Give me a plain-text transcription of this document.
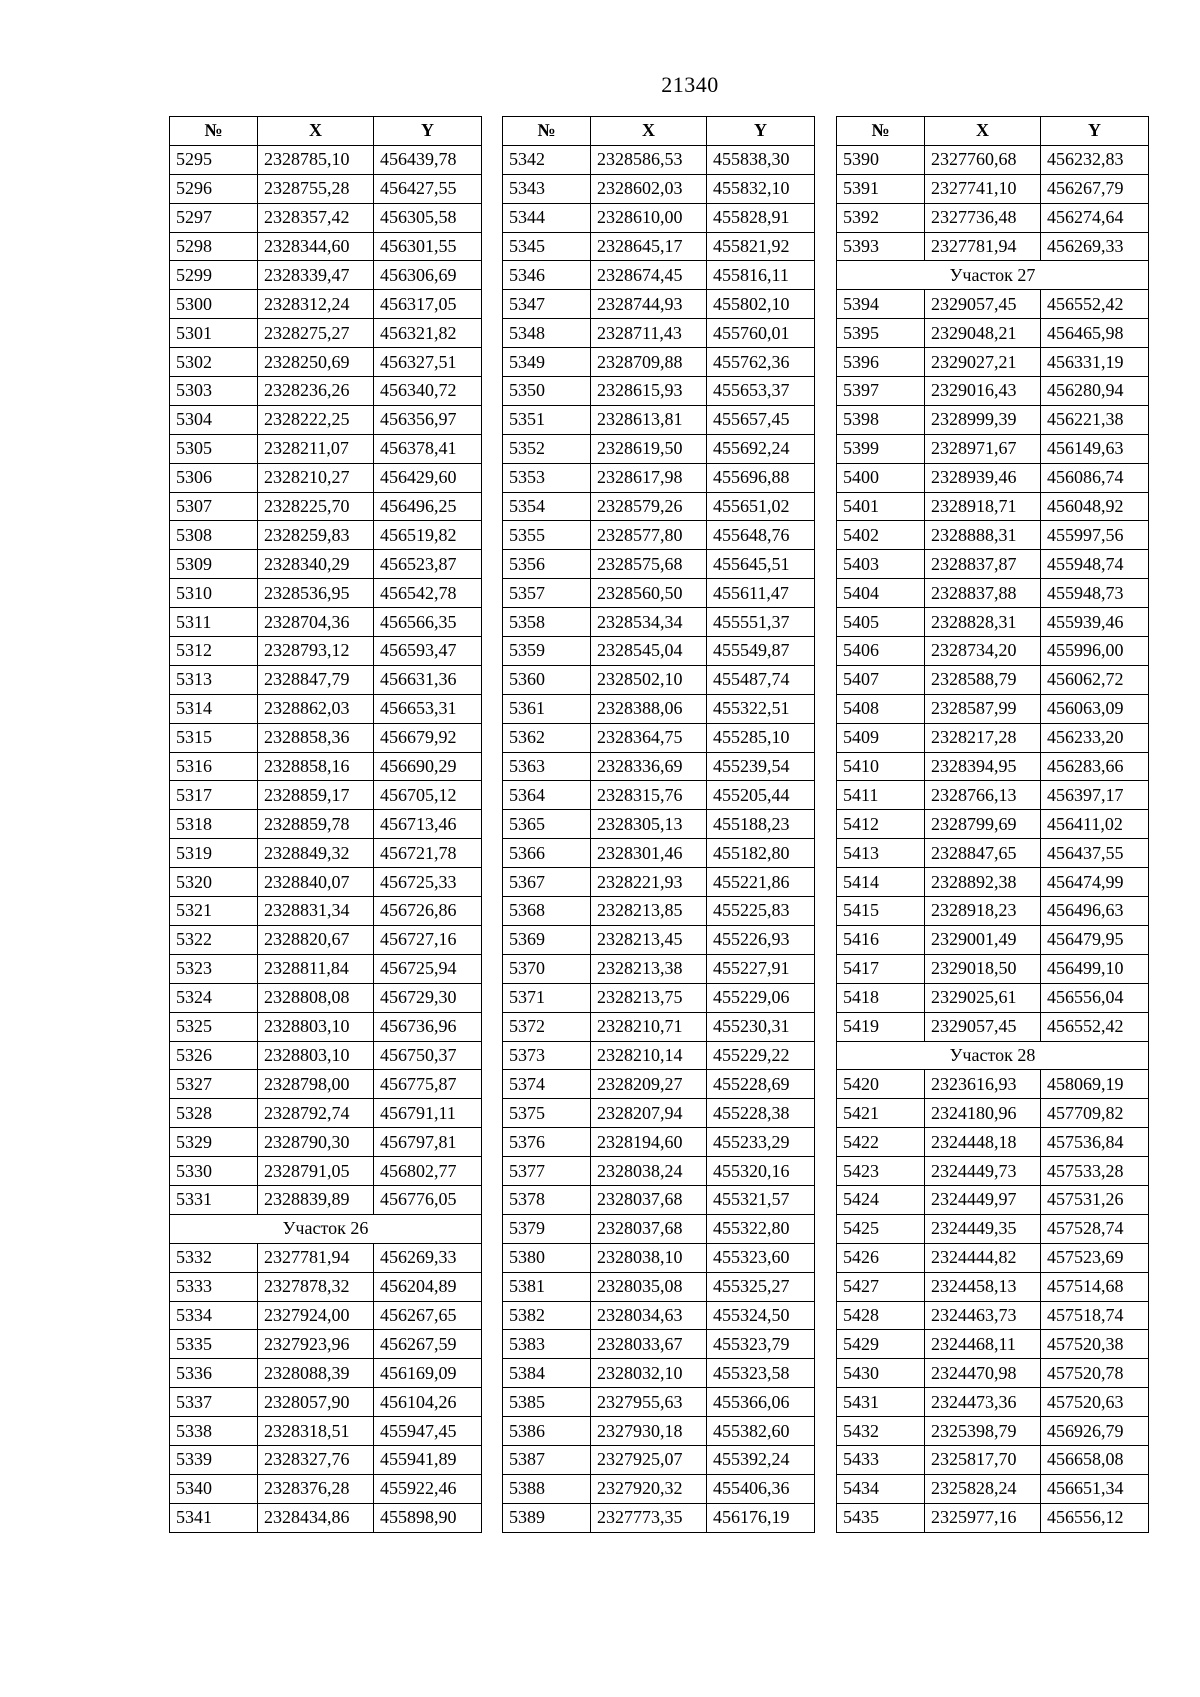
21340
№	X	Y
5295	2328785,10	456439,78
5296	2328755,28	456427,55
5297	2328357,42	456305,58
5298	2328344,60	456301,55
5299	2328339,47	456306,69
5300	2328312,24	456317,05
5301	2328275,27	456321,82
5302	2328250,69	456327,51
5303	2328236,26	456340,72
5304	2328222,25	456356,97
5305	2328211,07	456378,41
5306	2328210,27	456429,60
5307	2328225,70	456496,25
5308	2328259,83	456519,82
5309	2328340,29	456523,87
5310	2328536,95	456542,78
5311	2328704,36	456566,35
5312	2328793,12	456593,47
5313	2328847,79	456631,36
5314	2328862,03	456653,31
5315	2328858,36	456679,92
5316	2328858,16	456690,29
5317	2328859,17	456705,12
5318	2328859,78	456713,46
5319	2328849,32	456721,78
5320	2328840,07	456725,33
5321	2328831,34	456726,86
5322	2328820,67	456727,16
5323	2328811,84	456725,94
5324	2328808,08	456729,30
5325	2328803,10	456736,96
5326	2328803,10	456750,37
5327	2328798,00	456775,87
5328	2328792,74	456791,11
5329	2328790,30	456797,81
5330	2328791,05	456802,77
5331	2328839,89	456776,05
Участок 26		
5332	2327781,94	456269,33
5333	2327878,32	456204,89
5334	2327924,00	456267,65
5335	2327923,96	456267,59
5336	2328088,39	456169,09
5337	2328057,90	456104,26
5338	2328318,51	455947,45
5339	2328327,76	455941,89
5340	2328376,28	455922,46
5341	2328434,86	455898,90
№	X	Y
5342	2328586,53	455838,30
5343	2328602,03	455832,10
5344	2328610,00	455828,91
5345	2328645,17	455821,92
5346	2328674,45	455816,11
5347	2328744,93	455802,10
5348	2328711,43	455760,01
5349	2328709,88	455762,36
5350	2328615,93	455653,37
5351	2328613,81	455657,45
5352	2328619,50	455692,24
5353	2328617,98	455696,88
5354	2328579,26	455651,02
5355	2328577,80	455648,76
5356	2328575,68	455645,51
5357	2328560,50	455611,47
5358	2328534,34	455551,37
5359	2328545,04	455549,87
5360	2328502,10	455487,74
5361	2328388,06	455322,51
5362	2328364,75	455285,10
5363	2328336,69	455239,54
5364	2328315,76	455205,44
5365	2328305,13	455188,23
5366	2328301,46	455182,80
5367	2328221,93	455221,86
5368	2328213,85	455225,83
5369	2328213,45	455226,93
5370	2328213,38	455227,91
5371	2328213,75	455229,06
5372	2328210,71	455230,31
5373	2328210,14	455229,22
5374	2328209,27	455228,69
5375	2328207,94	455228,38
5376	2328194,60	455233,29
5377	2328038,24	455320,16
5378	2328037,68	455321,57
5379	2328037,68	455322,80
5380	2328038,10	455323,60
5381	2328035,08	455325,27
5382	2328034,63	455324,50
5383	2328033,67	455323,79
5384	2328032,10	455323,58
5385	2327955,63	455366,06
5386	2327930,18	455382,60
5387	2327925,07	455392,24
5388	2327920,32	455406,36
5389	2327773,35	456176,19
№	X	Y
5390	2327760,68	456232,83
5391	2327741,10	456267,79
5392	2327736,48	456274,64
5393	2327781,94	456269,33
Участок 27		
5394	2329057,45	456552,42
5395	2329048,21	456465,98
5396	2329027,21	456331,19
5397	2329016,43	456280,94
5398	2328999,39	456221,38
5399	2328971,67	456149,63
5400	2328939,46	456086,74
5401	2328918,71	456048,92
5402	2328888,31	455997,56
5403	2328837,87	455948,74
5404	2328837,88	455948,73
5405	2328828,31	455939,46
5406	2328734,20	455996,00
5407	2328588,79	456062,72
5408	2328587,99	456063,09
5409	2328217,28	456233,20
5410	2328394,95	456283,66
5411	2328766,13	456397,17
5412	2328799,69	456411,02
5413	2328847,65	456437,55
5414	2328892,38	456474,99
5415	2328918,23	456496,63
5416	2329001,49	456479,95
5417	2329018,50	456499,10
5418	2329025,61	456556,04
5419	2329057,45	456552,42
Участок 28		
5420	2323616,93	458069,19
5421	2324180,96	457709,82
5422	2324448,18	457536,84
5423	2324449,73	457533,28
5424	2324449,97	457531,26
5425	2324449,35	457528,74
5426	2324444,82	457523,69
5427	2324458,13	457514,68
5428	2324463,73	457518,74
5429	2324468,11	457520,38
5430	2324470,98	457520,78
5431	2324473,36	457520,63
5432	2325398,79	456926,79
5433	2325817,70	456658,08
5434	2325828,24	456651,34
5435	2325977,16	456556,12
